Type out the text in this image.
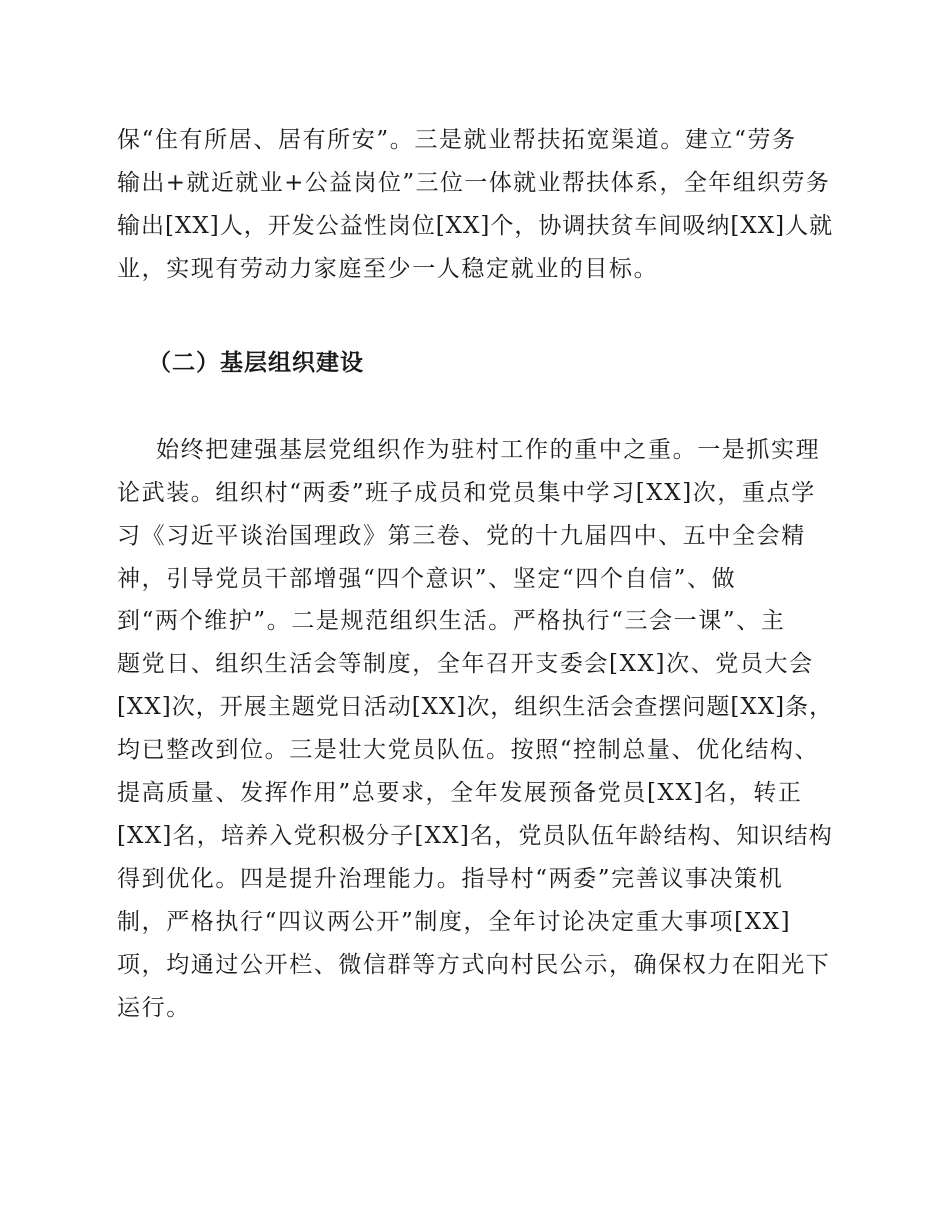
保“住有所居、居有所安”。三是就业帮扶拓宽渠道。建立“劳务
输出+就近就业+公益岗位”三位一体就业帮扶体系，全年组织劳务
输出[XX]人，开发公益性岗位[XX]个，协调扶贫车间吸纳[XX]人就
业，实现有劳动力家庭至少一人稳定就业的目标。
（二）基层组织建设
始终把建强基层党组织作为驻村工作的重中之重。一是抓实理
论武装。组织村“两委”班子成员和党员集中学习[XX]次，重点学
习《习近平谈治国理政》第三卷、党的十九届四中、五中全会精
神，引导党员干部增强“四个意识”、坚定“四个自信”、做
到“两个维护”。二是规范组织生活。严格执行“三会一课”、主
题党日、组织生活会等制度，全年召开支委会[XX]次、党员大会
[XX]次，开展主题党日活动[XX]次，组织生活会查摆问题[XX]条，
均已整改到位。三是壮大党员队伍。按照“控制总量、优化结构、
提高质量、发挥作用”总要求，全年发展预备党员[XX]名，转正
[XX]名，培养入党积极分子[XX]名，党员队伍年龄结构、知识结构
得到优化。四是提升治理能力。指导村“两委”完善议事决策机
制，严格执行“四议两公开”制度，全年讨论决定重大事项[XX]
项，均通过公开栏、微信群等方式向村民公示，确保权力在阳光下
运行。
